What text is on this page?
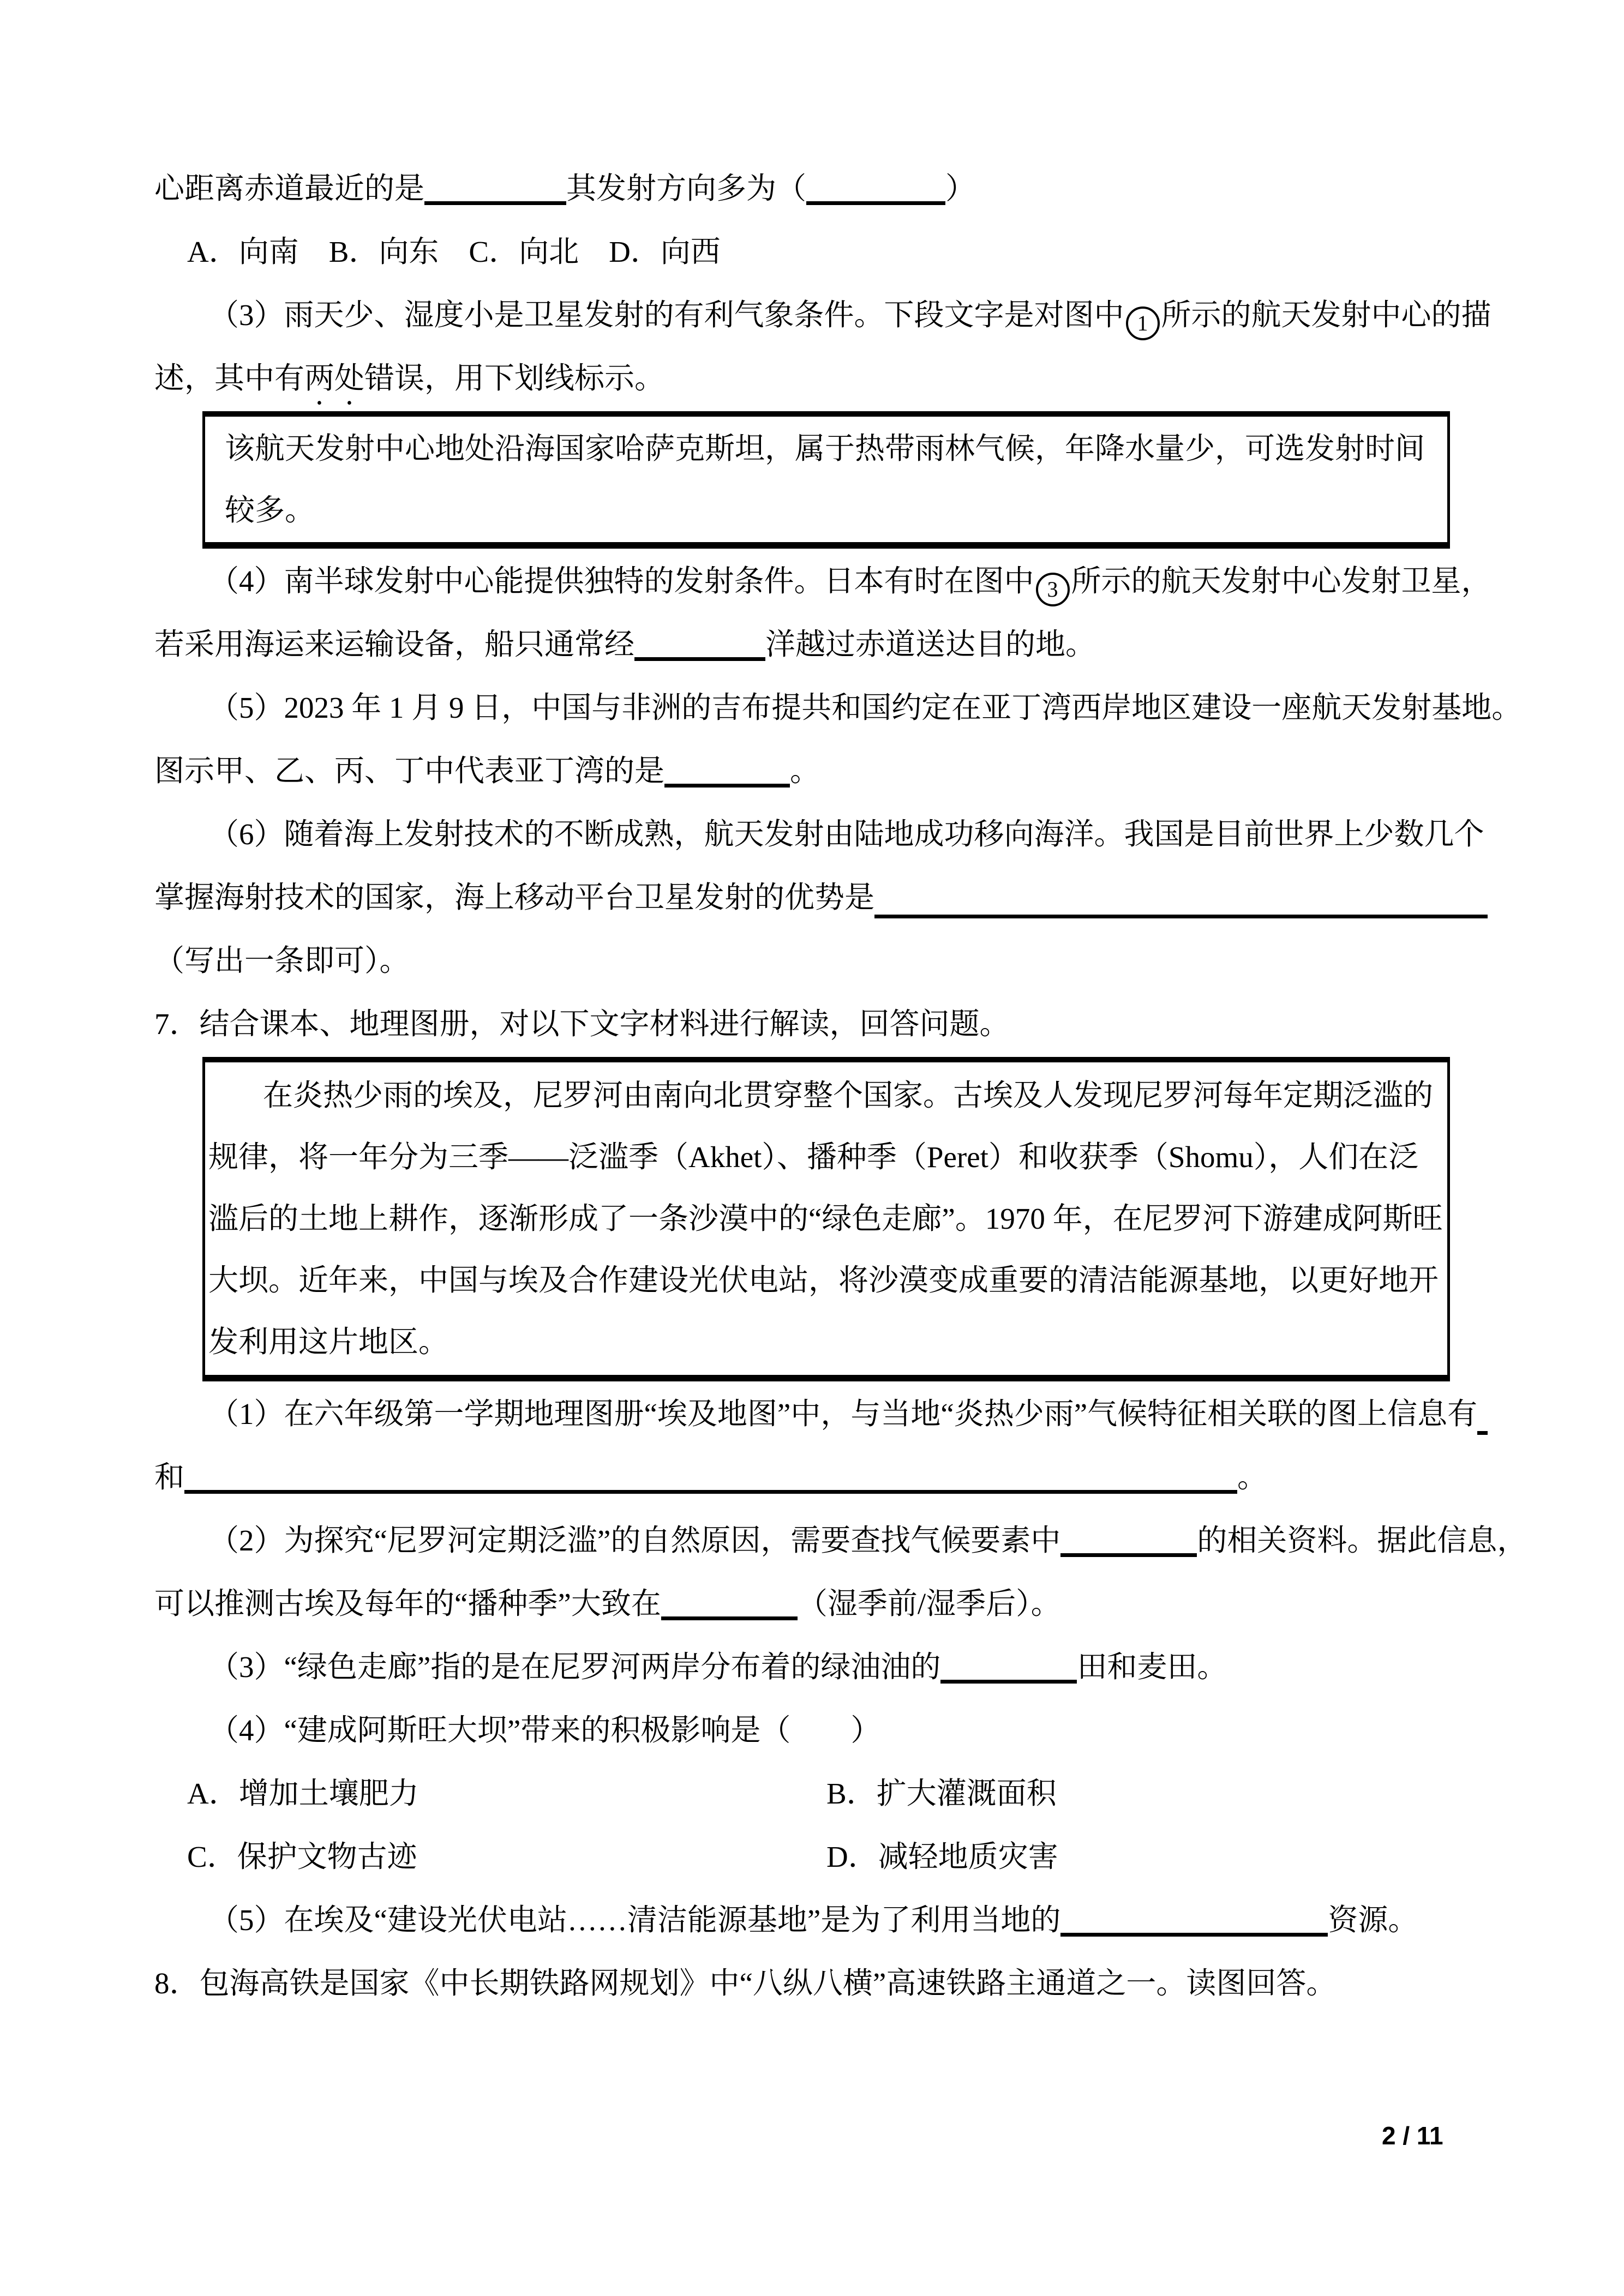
心距离赤道最近的是	其发射方向多为（	）
A．向南　B．向东　C．向北　D．向西
（3）雨天少、湿度小是卫星发射的有利气象条件。下段文字是对图中 1 所示的航天发射中心的描
述，其中有两处错误，用下划线标示。
该航天发射中心地处沿海国家哈萨克斯坦，属于热带雨林气候，年降水量少，可选发射时间
较多。
（4）南半球发射中心能提供独特的发射条件。日本有时在图中 3 所示的航天发射中心发射卫星，
若采用海运来运输设备，船只通常经	洋越过赤道送达目的地。
（5）2023 年 1 月 9 日，中国与非洲的吉布提共和国约定在亚丁湾西岸地区建设一座航天发射基地。
图示甲、乙、丙、丁中代表亚丁湾的是	。
（6）随着海上发射技术的不断成熟，航天发射由陆地成功移向海洋。我国是目前世界上少数几个
掌握海射技术的国家，海上移动平台卫星发射的优势是
（写出一条即可）。
7．结合课本、地理图册，对以下文字材料进行解读，回答问题。
在炎热少雨的埃及，尼罗河由南向北贯穿整个国家。古埃及人发现尼罗河每年定期泛滥的
规律，将一年分为三季——泛滥季（Akhet）、播种季（Peret）和收获季（Shomu），人们在泛
滥后的土地上耕作，逐渐形成了一条沙漠中的“绿色走廊”。1970 年，在尼罗河下游建成阿斯旺
大坝。近年来，中国与埃及合作建设光伏电站，将沙漠变成重要的清洁能源基地，以更好地开
发利用这片地区。
（1）在六年级第一学期地理图册“埃及地图”中，与当地“炎热少雨”气候特征相关联的图上信息有
和	。
（2）为探究“尼罗河定期泛滥”的自然原因，需要查找气候要素中	的相关资料。据此信息，
可以推测古埃及每年的“播种季”大致在	（湿季前/湿季后）。
（3）“绿色走廊”指的是在尼罗河两岸分布着的绿油油的	田和麦田。
（4）“建成阿斯旺大坝”带来的积极影响是（　　）
A．增加土壤肥力	B．扩大灌溉面积
C．保护文物古迹	D．减轻地质灾害
（5）在埃及“建设光伏电站……清洁能源基地”是为了利用当地的	资源。
8．包海高铁是国家《中长期铁路网规划》中“八纵八横”高速铁路主通道之一。读图回答。
2 / 11
